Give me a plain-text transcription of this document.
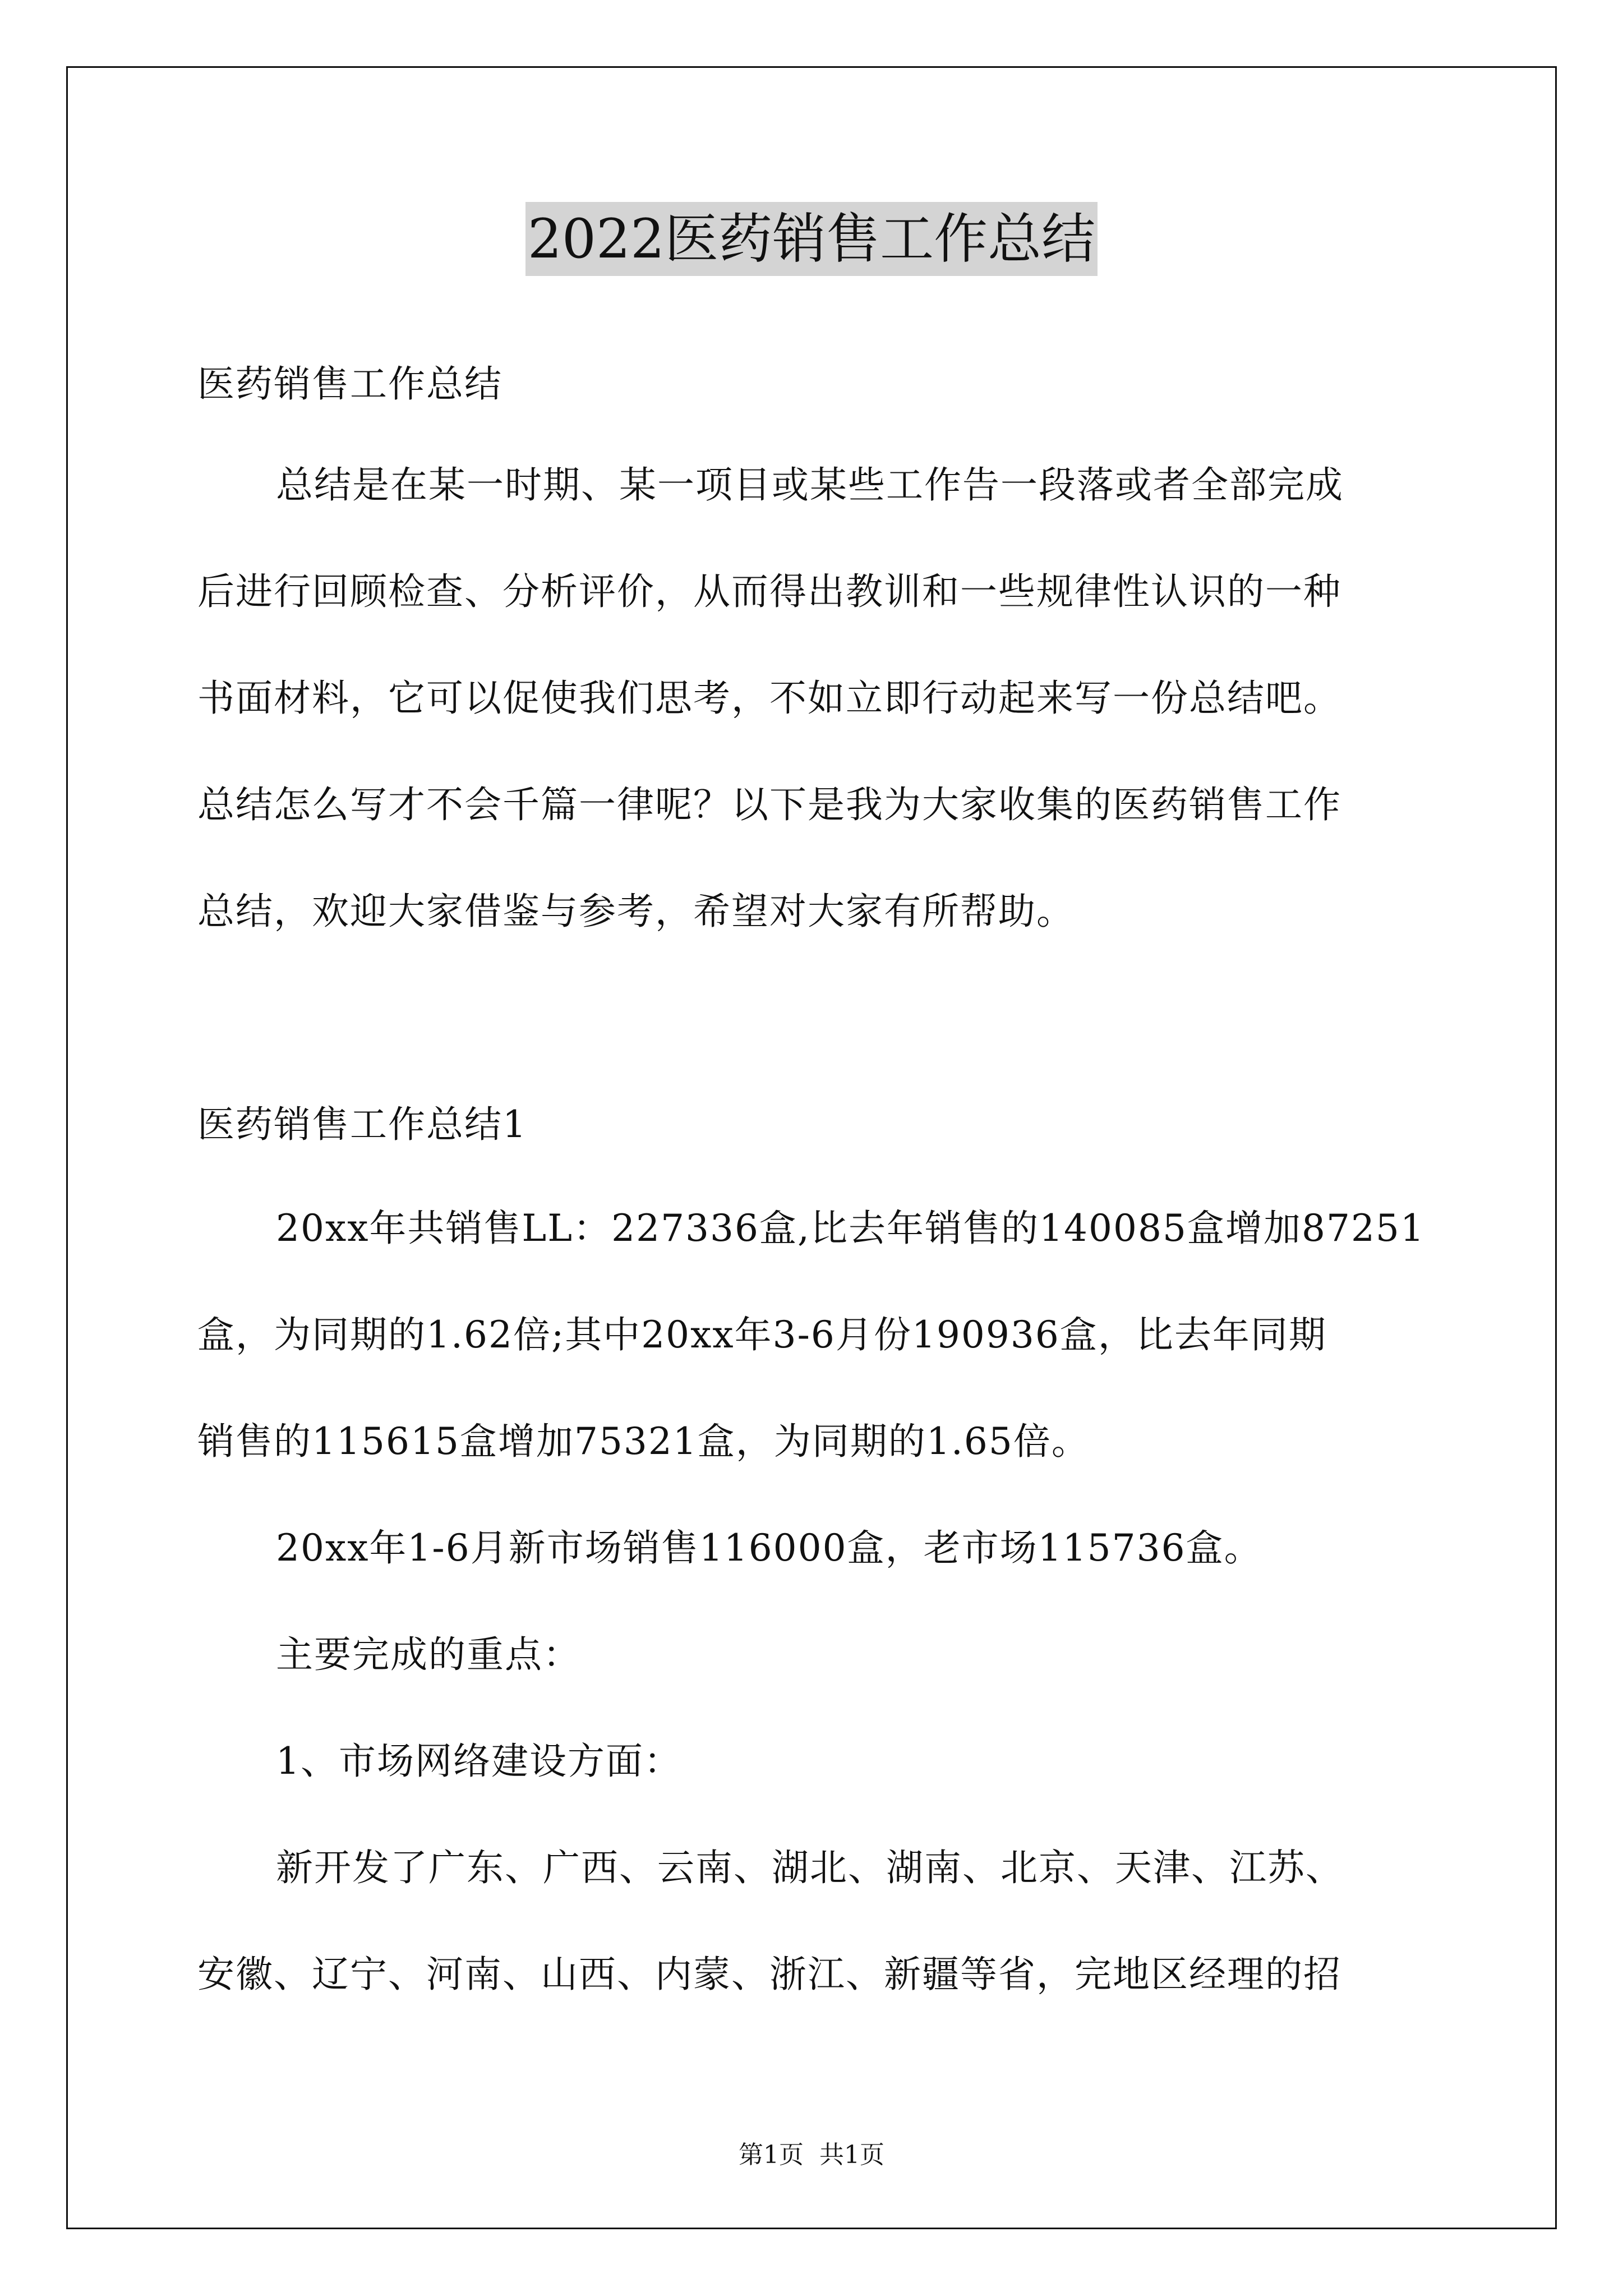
2022医药销售工作总结
医药销售工作总结
总结是在某一时期、某一项目或某些工作告一段落或者全部完成
后进行回顾检查、分析评价，从而得出教训和一些规律性认识的一种
书面材料，它可以促使我们思考，不如立即行动起来写一份总结吧。
总结怎么写才不会千篇一律呢？以下是我为大家收集的医药销售工作
总结，欢迎大家借鉴与参考，希望对大家有所帮助。
医药销售工作总结1
20xx年共销售LL：227336盒,比去年销售的140085盒增加87251
盒，为同期的1.62倍;其中20xx年3-6月份190936盒，比去年同期
销售的115615盒增加75321盒，为同期的1.65倍。
20xx年1-6月新市场销售116000盒，老市场115736盒。
主要完成的重点：
1、市场网络建设方面：
新开发了广东、广西、云南、湖北、湖南、北京、天津、江苏、
安徽、辽宁、河南、山西、内蒙、浙江、新疆等省，完地区经理的招
第1页 共1页
